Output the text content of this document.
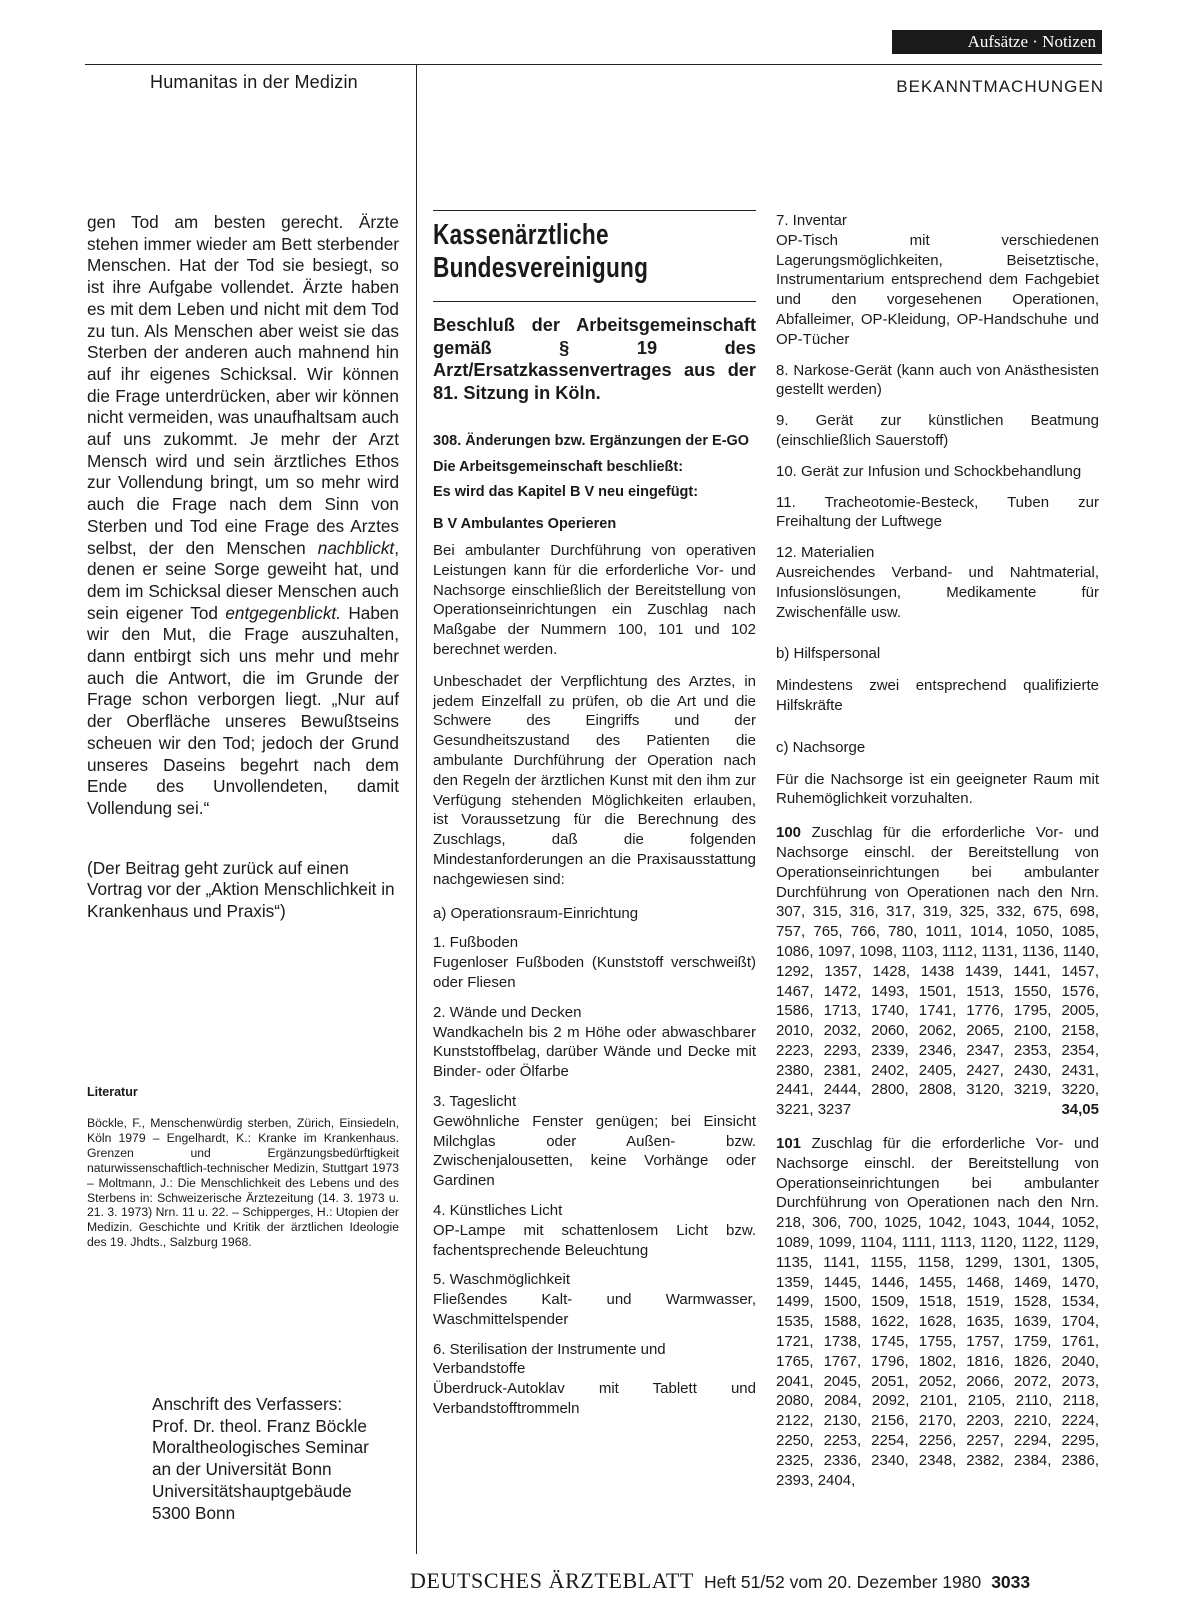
Aufsätze · Notizen
Humanitas in der Medizin	BEKANNTMACHUNGEN

gen Tod am besten gerecht. Ärzte stehen immer wieder am Bett sterbender Menschen. Hat der Tod sie besiegt, so ist ihre Aufgabe vollendet. Ärzte haben es mit dem Leben und nicht mit dem Tod zu tun. Als Menschen aber weist sie das Sterben der anderen auch mahnend hin auf ihr eigenes Schicksal. Wir können die Frage unterdrücken, aber wir können nicht vermeiden, was unaufhaltsam auch auf uns zukommt. Je mehr der Arzt Mensch wird und sein ärztliches Ethos zur Vollendung bringt, um so mehr wird auch die Frage nach dem Sinn von Sterben und Tod eine Frage des Arztes selbst, der den Menschen nachblickt, denen er seine Sorge geweiht hat, und dem im Schicksal dieser Menschen auch sein eigener Tod entgegenblickt. Haben wir den Mut, die Frage auszuhalten, dann entbirgt sich uns mehr und mehr auch die Antwort, die im Grunde der Frage schon verborgen liegt. „Nur auf der Oberfläche unseres Bewußtseins scheuen wir den Tod; jedoch der Grund unseres Daseins begehrt nach dem Ende des Unvollendeten, damit Vollendung sei.“

(Der Beitrag geht zurück auf einen Vortrag vor der „Aktion Menschlichkeit in Krankenhaus und Praxis“)

Literatur
Böckle, F., Menschenwürdig sterben, Zürich, Einsiedeln, Köln 1979 – Engelhardt, K.: Kranke im Krankenhaus. Grenzen und Ergänzungsbedürftigkeit naturwissenschaftlich-technischer Medizin, Stuttgart 1973 – Moltmann, J.: Die Menschlichkeit des Lebens und des Sterbens in: Schweizerische Ärztezeitung (14. 3. 1973 u. 21. 3. 1973) Nrn. 11 u. 22. – Schipperges, H.: Utopien der Medizin. Geschichte und Kritik der ärztlichen Ideologie des 19. Jhdts., Salzburg 1968.
Anschrift des Verfassers:
Prof. Dr. theol. Franz Böckle
Moraltheologisches Seminar
an der Universität Bonn
Universitätshauptgebäude
5300 Bonn
Kassenärztliche
Bundesvereinigung
Beschluß der Arbeitsgemeinschaft gemäß § 19 des Arzt/Ersatzkassenvertrages aus der 81. Sitzung in Köln.
308. Änderungen bzw. Ergänzungen der E-GO
Die Arbeitsgemeinschaft beschließt:
Es wird das Kapitel B V neu eingefügt:
B V Ambulantes Operieren

Bei ambulanter Durchführung von operativen Leistungen kann für die erforderliche Vor- und Nachsorge einschließlich der Bereitstellung von Operationseinrichtungen ein Zuschlag nach Maßgabe der Nummern 100, 101 und 102 berechnet werden.

Unbeschadet der Verpflichtung des Arztes, in jedem Einzelfall zu prüfen, ob die Art und die Schwere des Eingriffs und der Gesundheitszustand des Patienten die ambulante Durchführung der Operation nach den Regeln der ärztlichen Kunst mit den ihm zur Verfügung stehenden Möglichkeiten erlauben, ist Voraussetzung für die Berechnung des Zuschlags, daß die folgenden Mindestanforderungen an die Praxisausstattung nachgewiesen sind:

a) Operationsraum-Einrichtung
1. Fußboden

Fugenloser Fußboden (Kunststoff verschweißt) oder Fliesen

2. Wände und Decken

Wandkacheln bis 2 m Höhe oder abwaschbarer Kunststoffbelag, darüber Wände und Decke mit Binder- oder Ölfarbe

3. Tageslicht

Gewöhnliche Fenster genügen; bei Einsicht Milchglas oder Außen- bzw. Zwischenjalousetten, keine Vorhänge oder Gardinen

4. Künstliches Licht

OP-Lampe mit schattenlosem Licht bzw. fachentsprechende Beleuchtung

5. Waschmöglichkeit

Fließendes Kalt- und Warmwasser, Waschmittelspender

6. Sterilisation der Instrumente und Verbandstoffe

Überdruck-Autoklav mit Tablett und Verbandstofftrommeln

7. Inventar

OP-Tisch mit verschiedenen Lagerungsmöglichkeiten, Beisetztische, Instrumentarium entsprechend dem Fachgebiet und den vorgesehenen Operationen, Abfalleimer, OP-Kleidung, OP-Handschuhe und OP-Tücher

8. Narkose-Gerät (kann auch von Anästhesisten gestellt werden)
9. Gerät zur künstlichen Beatmung (einschließlich Sauerstoff)
10. Gerät zur Infusion und Schockbehandlung
11. Tracheotomie-Besteck, Tuben zur Freihaltung der Luftwege
12. Materialien

Ausreichendes Verband- und Nahtmaterial, Infusionslösungen, Medikamente für Zwischenfälle usw.

b) Hilfspersonal
Mindestens zwei entsprechend qualifizierte Hilfskräfte
c) Nachsorge
Für die Nachsorge ist ein geeigneter Raum mit Ruhemöglichkeit vorzuhalten.
100 Zuschlag für die erforderliche Vor- und Nachsorge einschl. der Bereitstellung von Operationseinrichtungen bei ambulanter Durchführung von Operationen nach den Nrn. 307, 315, 316, 317, 319, 325, 332, 675, 698, 757, 765, 766, 780, 1011, 1014, 1050, 1085, 1086, 1097, 1098, 1103, 1112, 1131, 1136, 1140, 1292, 1357, 1428, 1438 1439, 1441, 1457, 1467, 1472, 1493, 1501, 1513, 1550, 1576, 1586, 1713, 1740, 1741, 1776, 1795, 2005, 2010, 2032, 2060, 2062, 2065, 2100, 2158, 2223, 2293, 2339, 2346, 2347, 2353, 2354, 2380, 2381, 2402, 2405, 2427, 2430, 2431, 2441, 2444, 2800, 2808, 3120, 3219, 3220, 3221, 3237	34,05
101 Zuschlag für die erforderliche Vor- und Nachsorge einschl. der Bereitstellung von Operationseinrichtungen bei ambulanter Durchführung von Operationen nach den Nrn. 218, 306, 700, 1025, 1042, 1043, 1044, 1052, 1089, 1099, 1104, 1111, 1113, 1120, 1122, 1129, 1135, 1141, 1155, 1158, 1299, 1301, 1305, 1359, 1445, 1446, 1455, 1468, 1469, 1470, 1499, 1500, 1509, 1518, 1519, 1528, 1534, 1535, 1588, 1622, 1628, 1635, 1639, 1704, 1721, 1738, 1745, 1755, 1757, 1759, 1761, 1765, 1767, 1796, 1802, 1816, 1826, 2040, 2041, 2045, 2051, 2052, 2066, 2072, 2073, 2080, 2084, 2092, 2101, 2105, 2110, 2118, 2122, 2130, 2156, 2170, 2203, 2210, 2224, 2250, 2253, 2254, 2256, 2257, 2294, 2295, 2325, 2336, 2340, 2348, 2382, 2384, 2386, 2393, 2404,
DEUTSCHES ÄRZTEBLATT Heft 51/52 vom 20. Dezember 1980 3033
